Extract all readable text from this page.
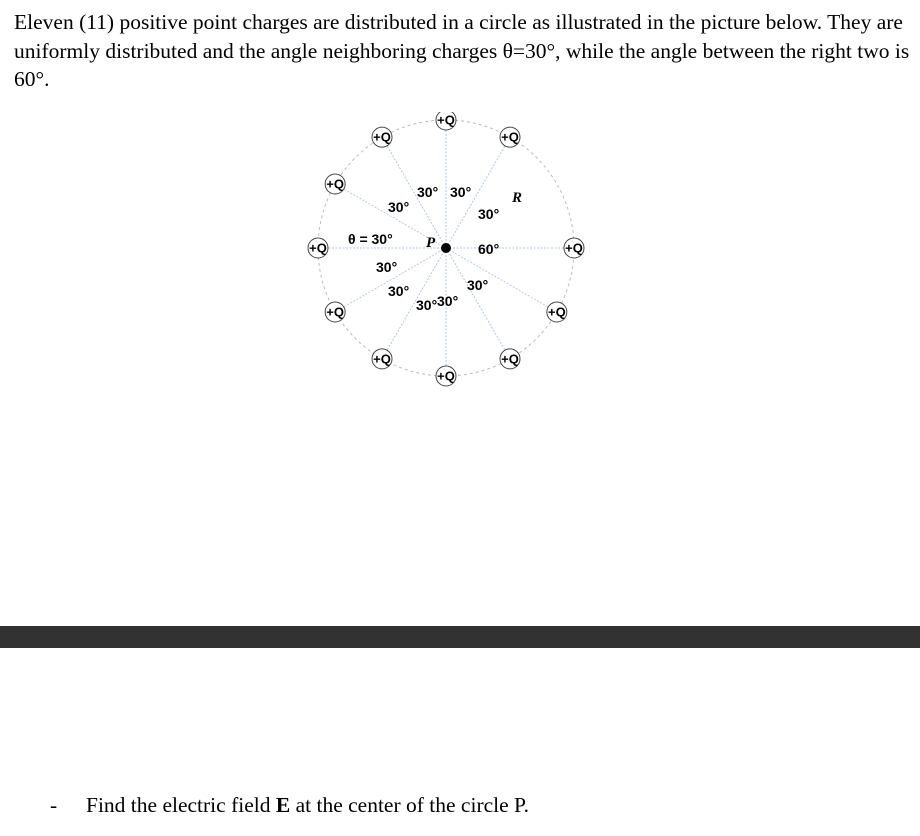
Eleven (11) positive point charges are distributed in a circle as illustrated in the picture below. They are uniformly distributed and the angle neighboring charges θ=30°, while the angle between the right two is 60°.

+Q
+Q
+Q
+Q
+Q
+Q
+Q
+Q
+Q
+Q
+Q
P
R
θ = 30°
30°
30° 30°
30°
60°
30°
30°
30° 30°
30°

- Find the electric field E at the center of the circle P.
